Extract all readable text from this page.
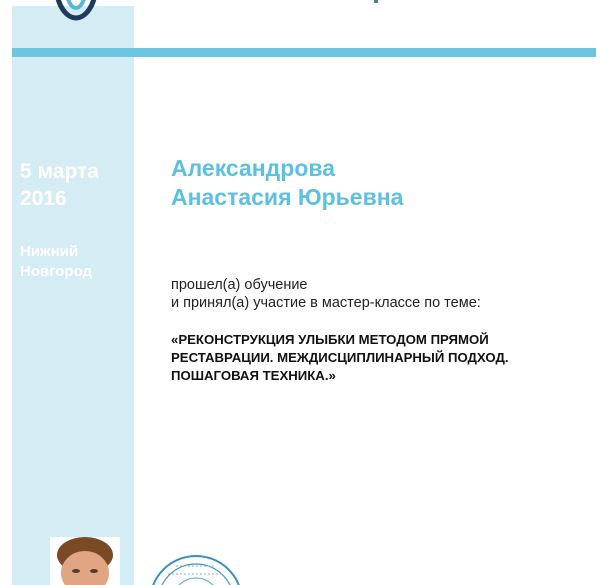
5 марта
2016
Нижний
Новгород
Александрова
Анастасия Юрьевна
прошел(а) обучение
и принял(а) участие в мастер-классе по теме:
«РЕКОНСТРУКЦИЯ УЛЫБКИ МЕТОДОМ ПРЯМОЙ
РЕСТАВРАЦИИ. МЕЖДИСЦИПЛИНАРНЫЙ ПОДХОД.
ПОШАГОВАЯ ТЕХНИКА.»
